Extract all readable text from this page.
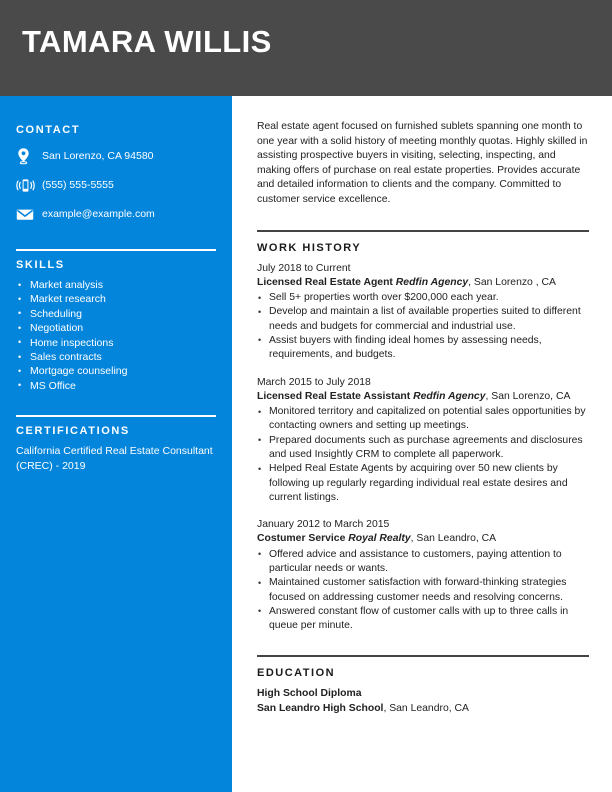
TAMARA WILLIS
CONTACT
San Lorenzo, CA 94580
(555) 555-5555
example@example.com
SKILLS
• Market analysis
• Market research
• Scheduling
• Negotiation
• Home inspections
• Sales contracts
• Mortgage counseling
• MS Office
CERTIFICATIONS
California Certified Real Estate Consultant (CREC) - 2019

Real estate agent focused on furnished sublets spanning one month to one year with a solid history of meeting monthly quotas. Highly skilled in assisting prospective buyers in visiting, selecting, inspecting, and making offers of purchase on real estate properties. Provides accurate and detailed information to clients and the company. Committed to customer service excellence.

WORK HISTORY
July 2018 to Current
Licensed Real Estate Agent Redfin Agency, San Lorenzo , CA
• Sell 5+ properties worth over $200,000 each year.
• Develop and maintain a list of available properties suited to different needs and budgets for commercial and industrial use.
• Assist buyers with finding ideal homes by assessing needs, requirements, and budgets.
March 2015 to July 2018
Licensed Real Estate Assistant Redfin Agency, San Lorenzo, CA
• Monitored territory and capitalized on potential sales opportunities by contacting owners and setting up meetings.
• Prepared documents such as purchase agreements and disclosures and used Insightly CRM to complete all paperwork.
• Helped Real Estate Agents by acquiring over 50 new clients by following up regularly regarding individual real estate desires and current listings.
January 2012 to March 2015
Costumer Service Royal Realty, San Leandro, CA
• Offered advice and assistance to customers, paying attention to particular needs or wants.
• Maintained customer satisfaction with forward-thinking strategies focused on addressing customer needs and resolving concerns.
• Answered constant flow of customer calls with up to three calls in queue per minute.
EDUCATION
High School Diploma
San Leandro High School, San Leandro, CA
